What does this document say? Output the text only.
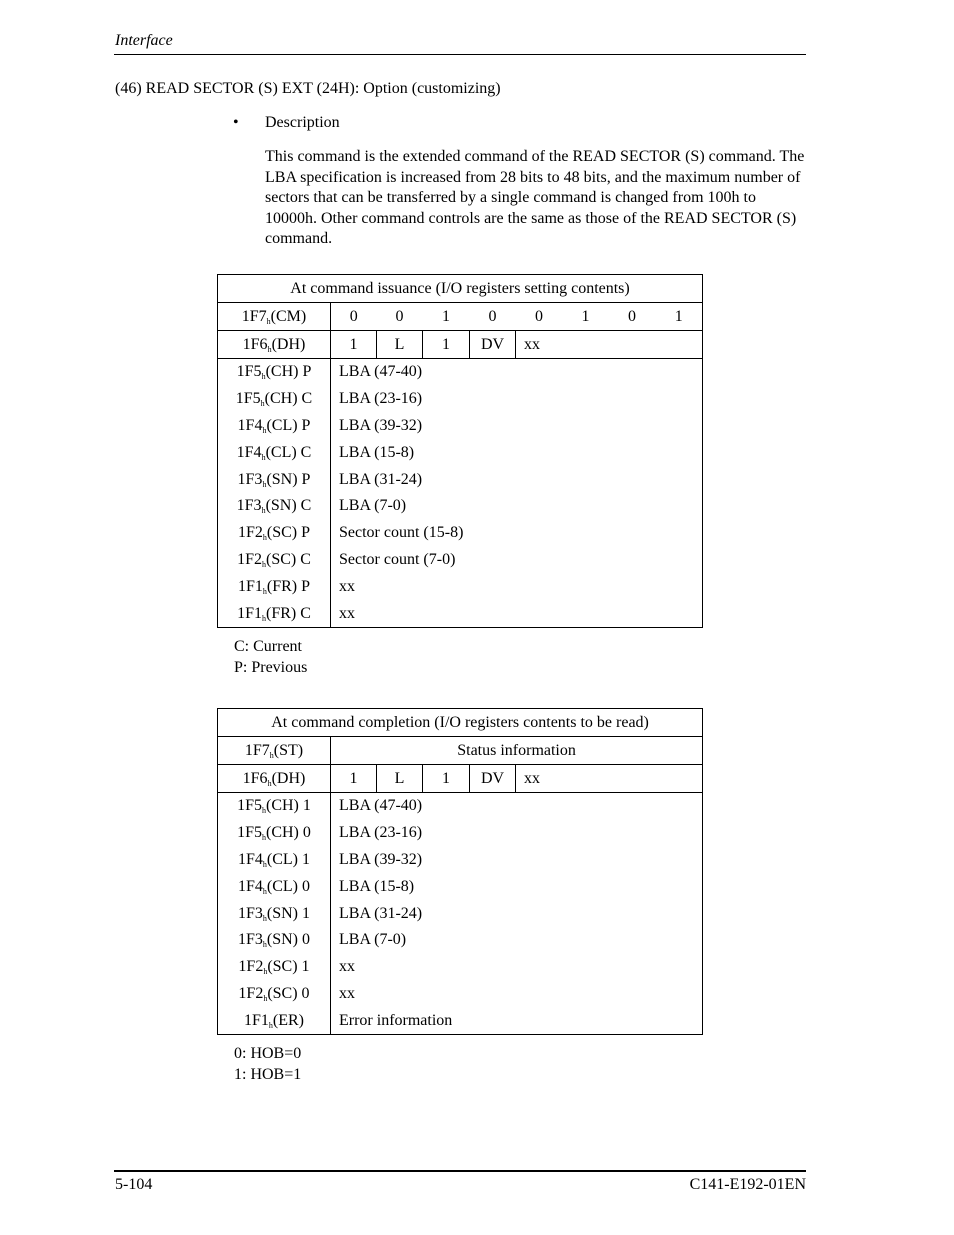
Interface
(46) READ SECTOR (S) EXT (24H): Option (customizing)
• Description
This command is the extended command of the READ SECTOR (S) command. The LBA specification is increased from 28 bits to 48 bits, and the maximum number of sectors that can be transferred by a single command is changed from 100h to 10000h. Other command controls are the same as those of the READ SECTOR (S) command.
At command issuance (I/O registers setting contents)								
$1F7_h(CM)$	0	0	1	0	0	1	0	1
$1F6_h(DH)$	1	L	1	DV	xx			
$1F5_h(CH)$ P	LBA (47-40)							
$1F5_h(CH)$ C	LBA (23-16)							
$1F4_h(CL)$ P	LBA (39-32)							
$1F4_h(CL)$ C	LBA (15-8)							
$1F3_h(SN)$ P	LBA (31-24)							
$1F3_h(SN)$ C	LBA (7-0)							
$1F2_h(SC)$ P	Sector count (15-8)							
$1F2_h(SC)$ C	Sector count (7-0)							
$1F1_h(FR)$ P	xx							
$1F1_h(FR)$ C	xx							
C: Current
P: Previous
At command completion (I/O registers contents to be read)					
$1F7_h(ST)$	Status information				
$1F6_h(DH)$	1	L	1	DV	xx
$1F5_h(CH)$ 1	LBA (47-40)				
$1F5_h(CH)$ 0	LBA (23-16)				
$1F4_h(CL)$ 1	LBA (39-32)				
$1F4_h(CL)$ 0	LBA (15-8)				
$1F3_h(SN)$ 1	LBA (31-24)				
$1F3_h(SN)$ 0	LBA (7-0)				
$1F2_h(SC)$ 1	xx				
$1F2_h(SC)$ 0	xx				
$1F1_h(ER)$	Error information				
0: HOB=0
1: HOB=1
5-104	C141-E192-01EN
